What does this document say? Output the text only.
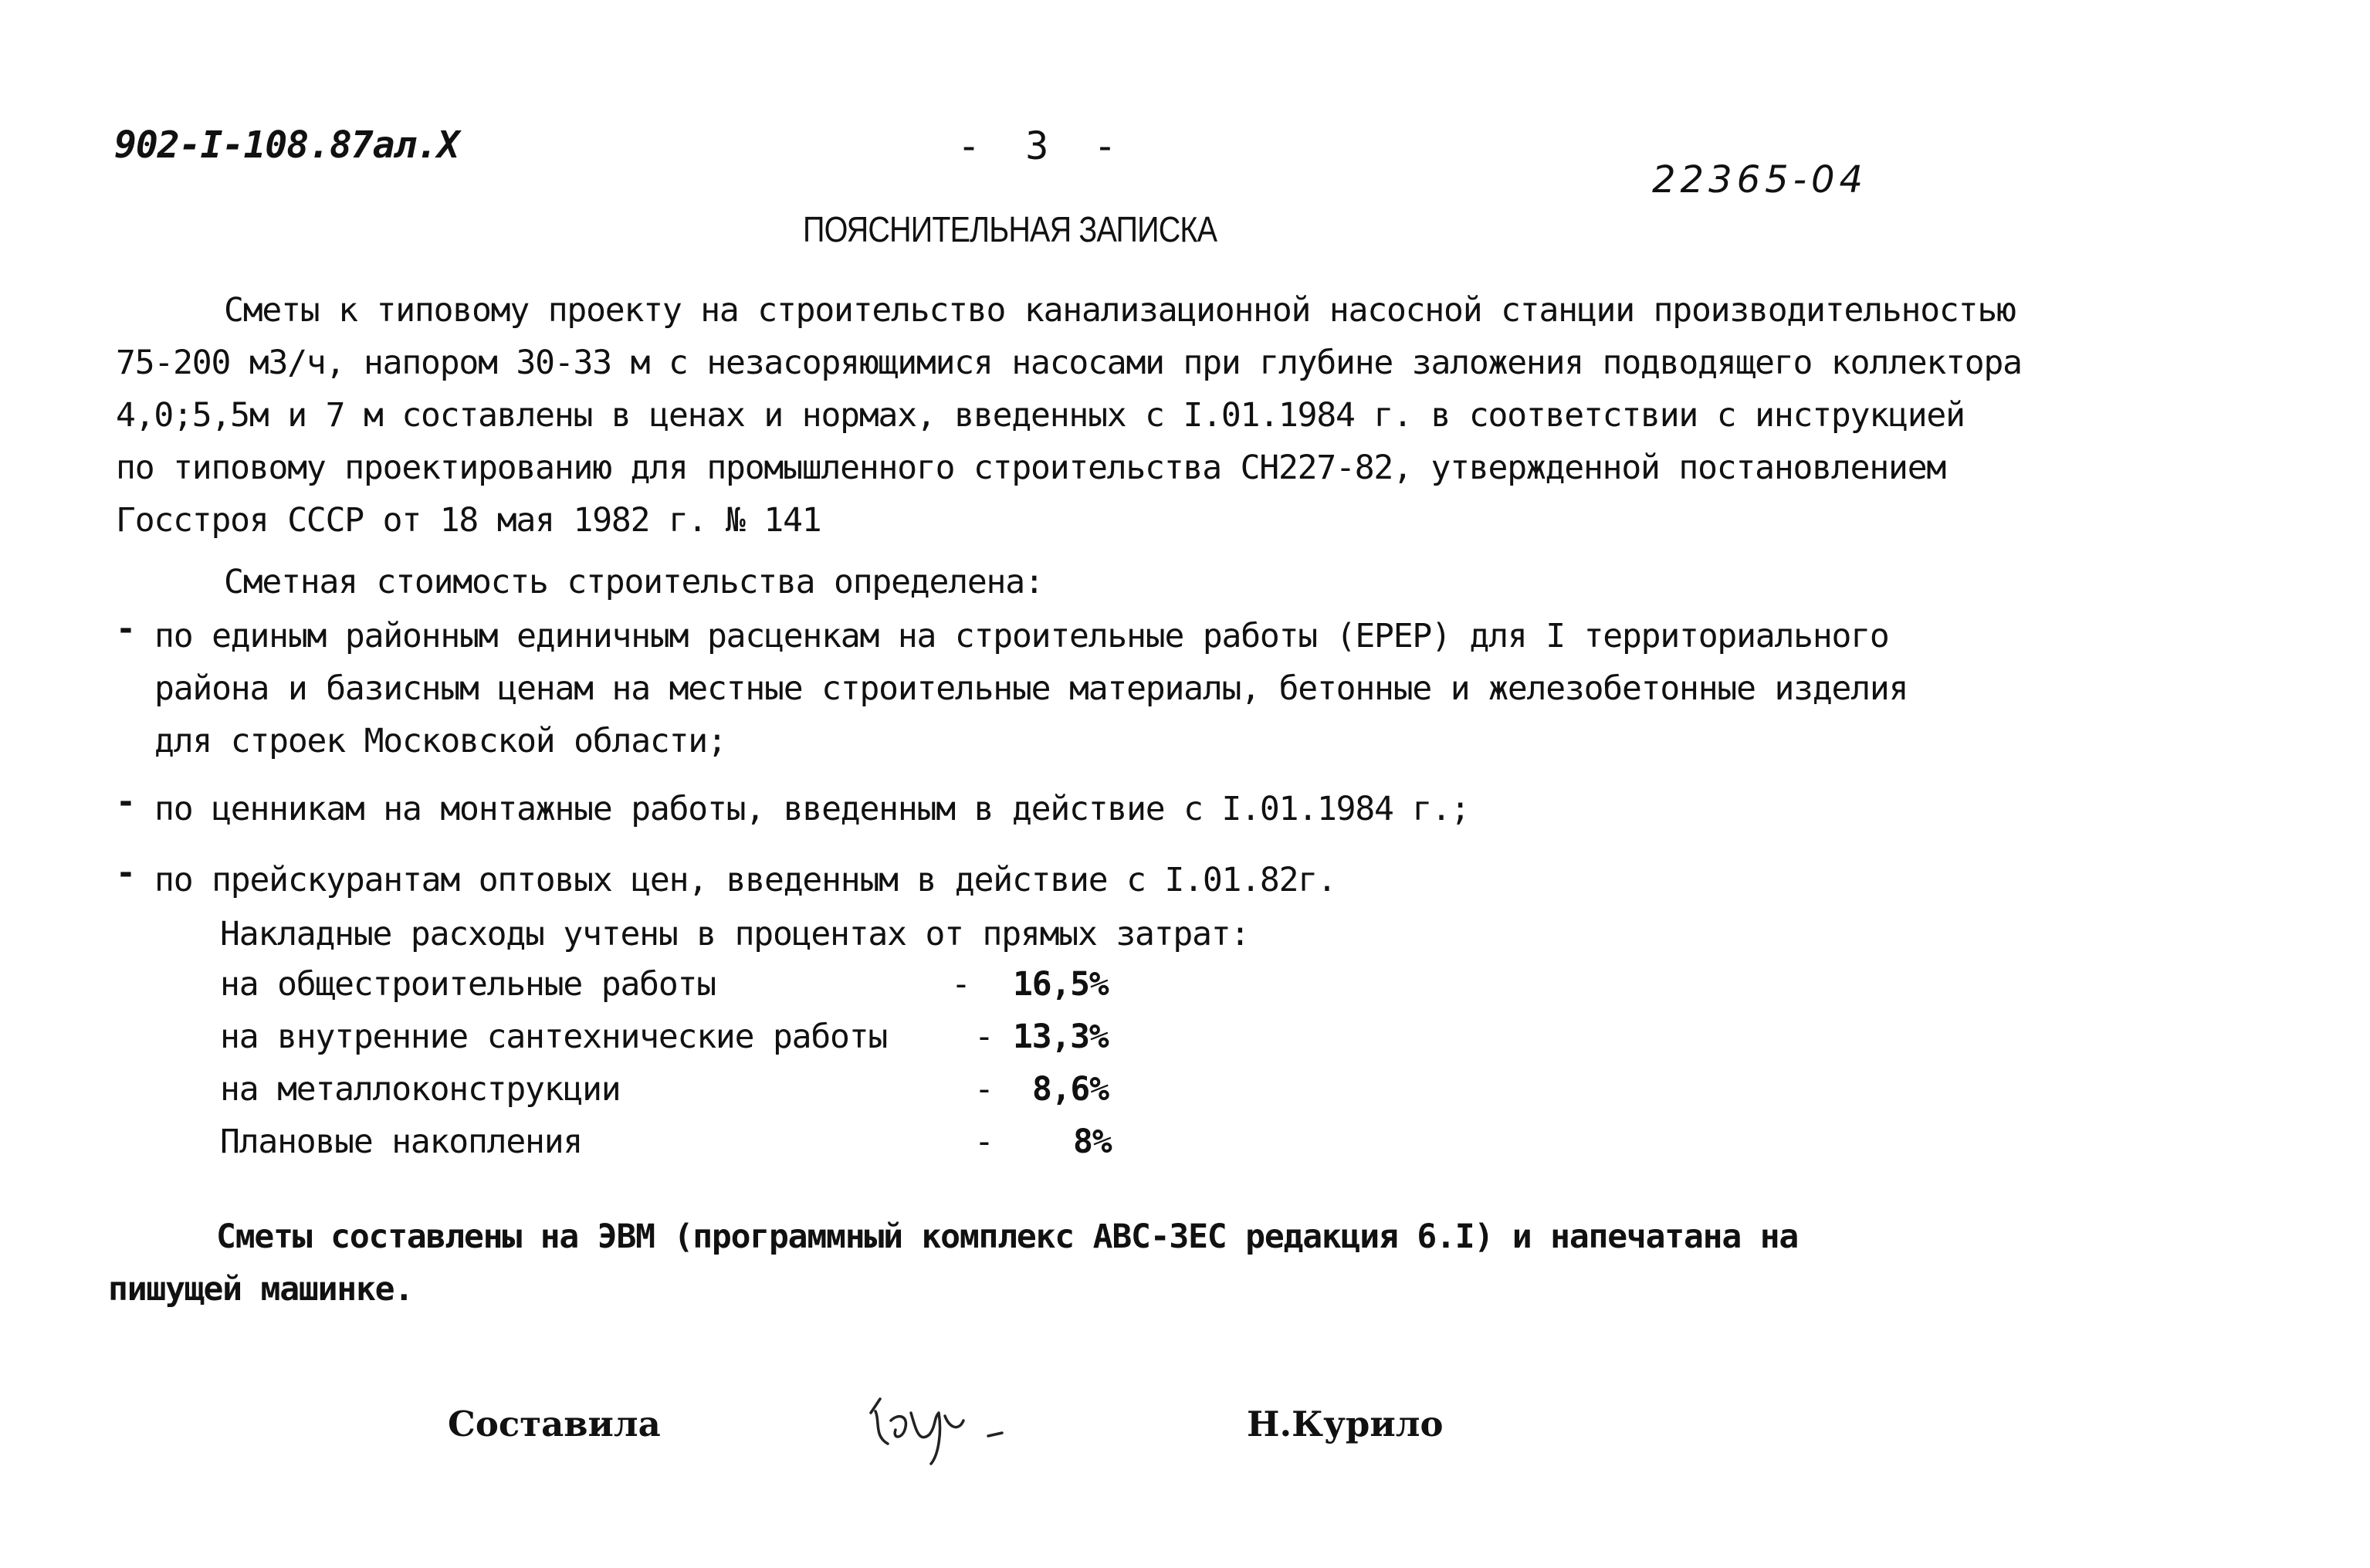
902-I-108.87ал.X	- 3 -
22365-04
ПОЯСНИТЕЛЬНАЯ ЗАПИСКА
Сметы к типовому проекту на строительство канализационной насосной станции производительностью
75-200 м3/ч, напором 30-33 м с незасоряющимися насосами при глубине заложения подводящего коллектора
4,0;5,5м и 7 м составлены в ценах и нормах, введенных с I.01.1984 г. в соответствии с инструкцией
по типовому проектированию для промышленного строительства СН227-82, утвержденной постановлением
Госстроя СССР от 18 мая 1982 г. № 141
Сметная стоимость строительства определена:
- по единым районным единичным расценкам на строительные работы (ЕРЕР) для I территориального
района и базисным ценам на местные строительные материалы, бетонные и железобетонные изделия
для строек Московской области;
- по ценникам на монтажные работы, введенным в действие с I.01.1984 г.;
- по прейскурантам оптовых цен, введенным в действие с I.01.82г.
Накладные расходы учтены в процентах от прямых затрат:
на общестроительные работы	- 16,5%
на внутренние сантехнические работы	- 13,3%
на металлоконструкции	- 8,6%
Плановые накопления	- 8%
Сметы составлены на ЭВМ (программный комплекс АВС-ЗЕС редакция 6.I) и напечатана на
пишущей машинке.
Составила	Н.Курило
